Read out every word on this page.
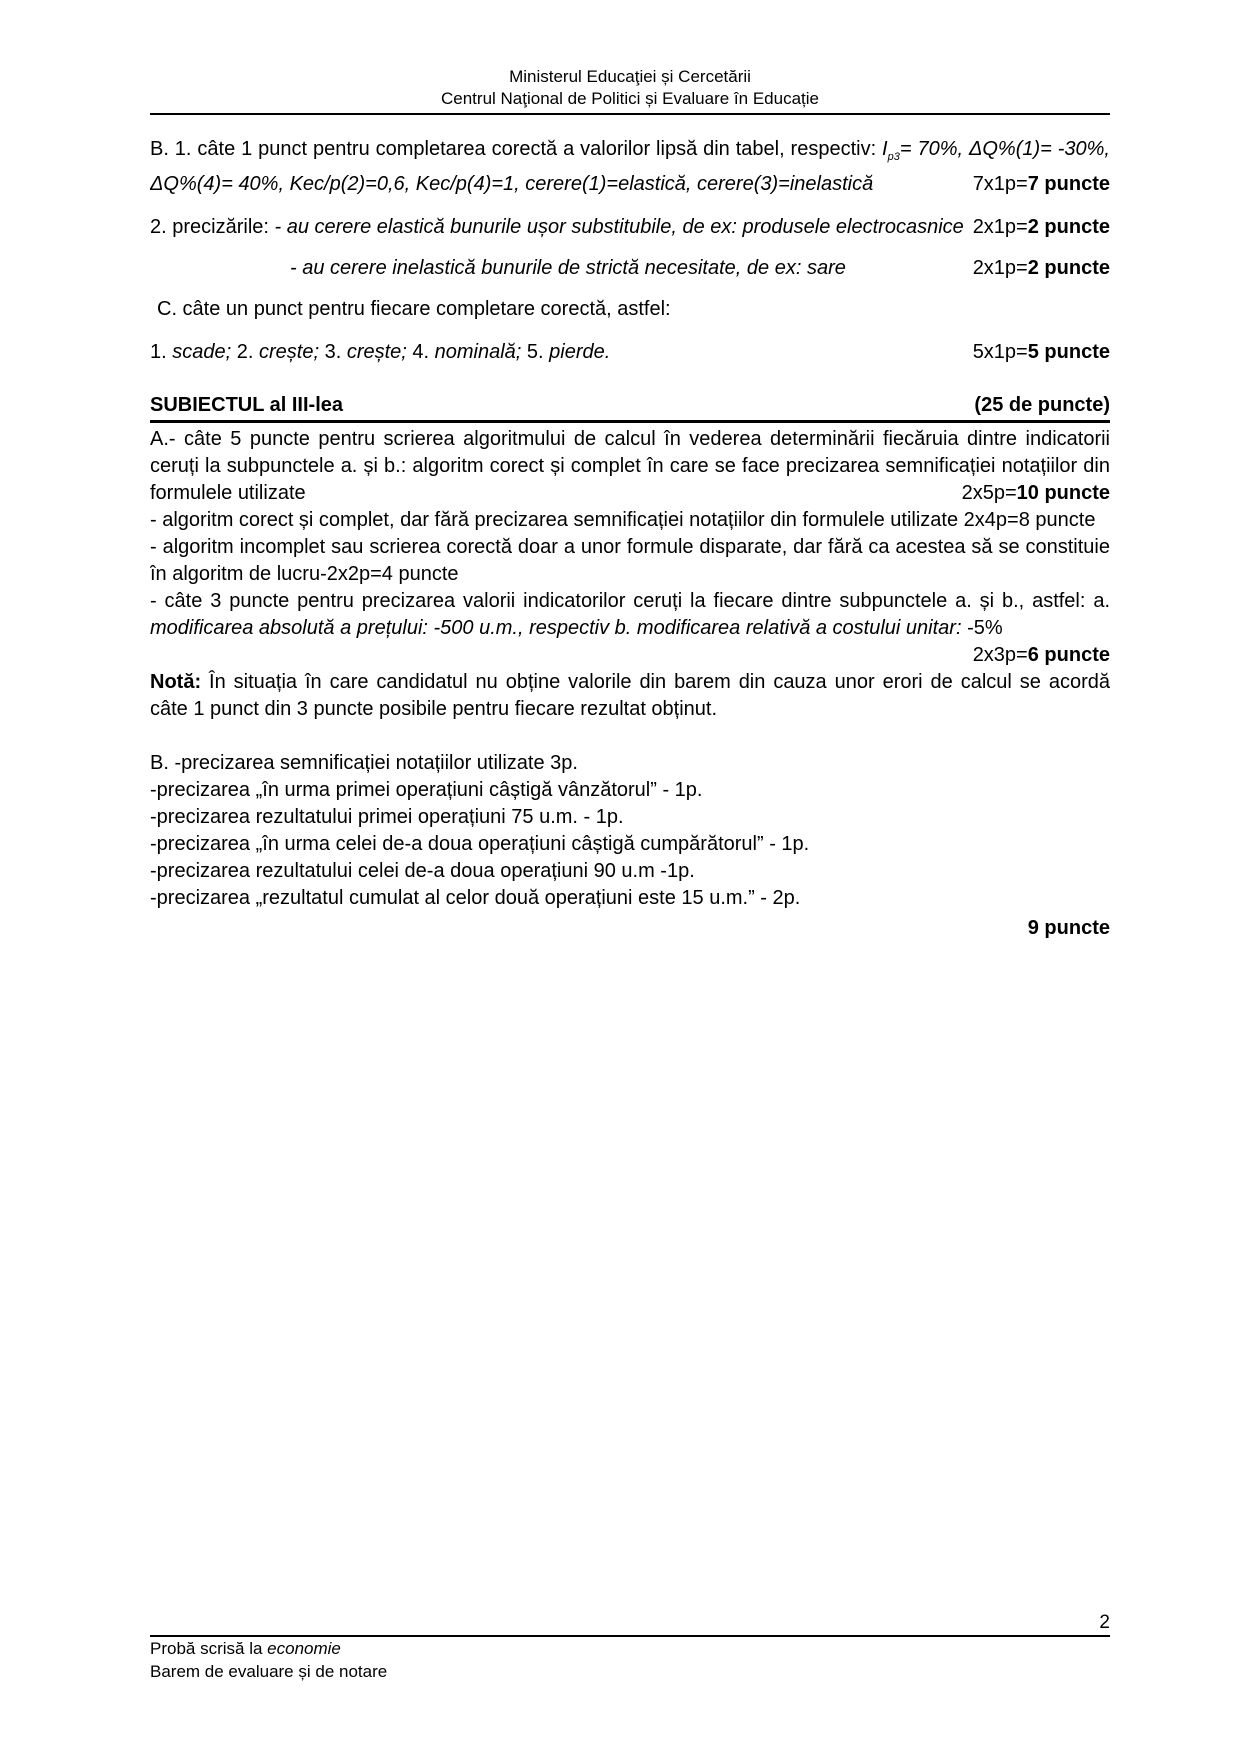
Ministerul Educaţiei și Cercetării
Centrul Naţional de Politici și Evaluare în Educație

B. 1. câte 1 punct pentru completarea corectă a valorilor lipsă din tabel, respectiv: $I_{p3}= 70\%$, ΔQ%(1)= -30%, ΔQ%(4)= 40%, Kec/p(2)=0,6, Kec/p(4)=1, cerere(1)=elastică, cerere(3)=inelastică	7x1p=7 puncte

2. precizările: - au cerere elastică bunurile ușor substitubile, de ex: produsele electrocasnice 2x1p=2 puncte

- au cerere inelastică bunurile de strictă necesitate, de ex: sare	2x1p=2 puncte

C. câte un punct pentru fiecare completare corectă, astfel:

1. scade; 2. crește; 3. crește; 4. nominală; 5. pierde.	5x1p=5 puncte

SUBIECTUL al III-lea	(25 de puncte)

A.- câte 5 puncte pentru scrierea algoritmului de calcul în vederea determinării fiecăruia dintre indicatorii ceruți la subpunctele a. și b.: algoritm corect și complet în care se face precizarea semnificației notațiilor din formulele utilizate	2x5p=10 puncte

- algoritm corect și complet, dar fără precizarea semnificației notațiilor din formulele utilizate 2x4p=8 puncte

- algoritm incomplet sau scrierea corectă doar a unor formule disparate, dar fără ca acestea să se constituie în algoritm de lucru-2x2p=4 puncte

- câte 3 puncte pentru precizarea valorii indicatorilor ceruți la fiecare dintre subpunctele a. și b., astfel: a. modificarea absolută a prețului: -500 u.m., respectiv b. modificarea relativă a costului unitar: -5%
2x3p=6 puncte

Notă: În situația în care candidatul nu obține valorile din barem din cauza unor erori de calcul se acordă câte 1 punct din 3 puncte posibile pentru fiecare rezultat obținut.

B. -precizarea semnificației notațiilor utilizate 3p.

-precizarea „în urma primei operațiuni câștigă vânzătorul” - 1p.

-precizarea rezultatului primei operațiuni 75 u.m. - 1p.

-precizarea „în urma celei de-a doua operațiuni câștigă cumpărătorul” - 1p.

-precizarea rezultatului celei de-a doua operațiuni 90 u.m -1p.

-precizarea „rezultatul cumulat al celor două operațiuni este 15 u.m.” - 2p.

9 puncte

2
Probă scrisă la economie
Barem de evaluare și de notare
